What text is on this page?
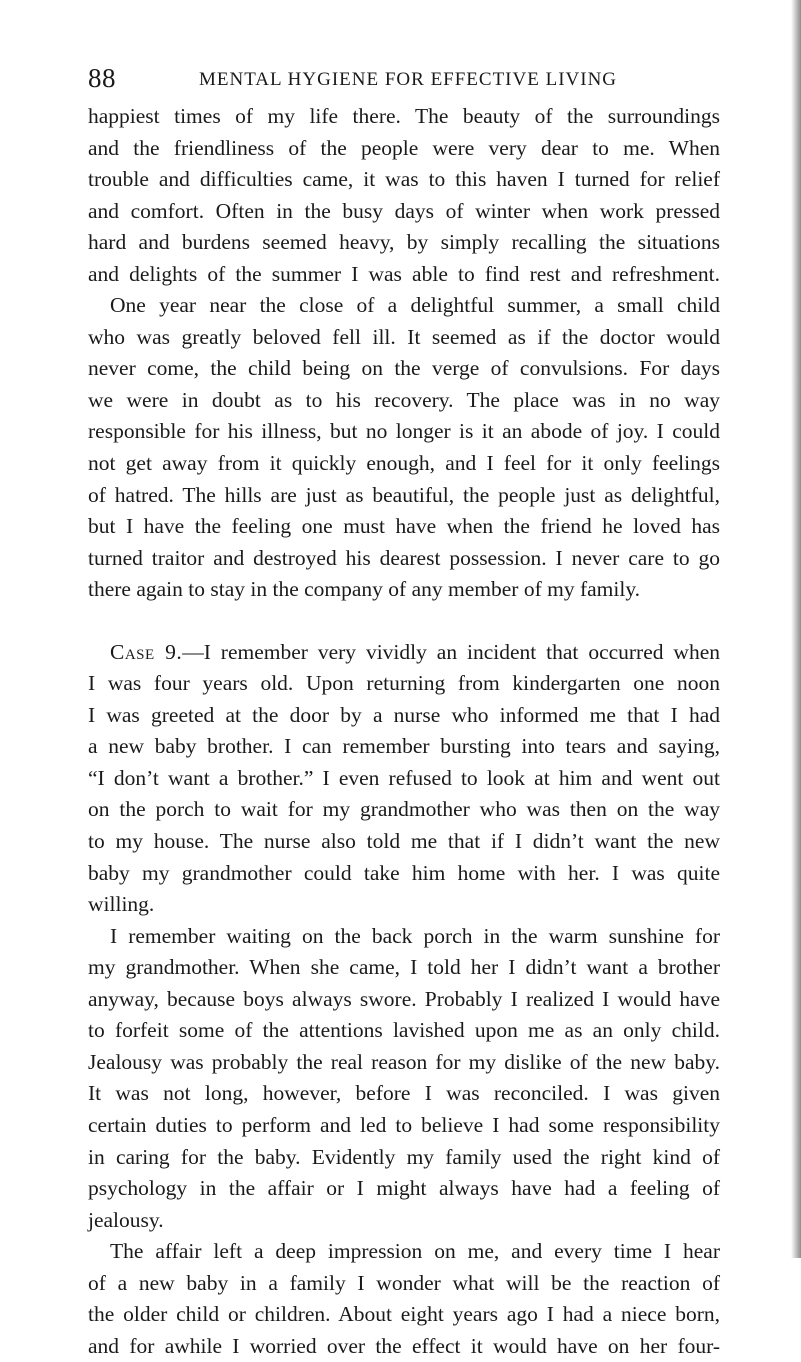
88	MENTAL HYGIENE FOR EFFECTIVE LIVING
happiest times of my life there. The beauty of the surroundings
and the friendliness of the people were very dear to me. When
trouble and difficulties came, it was to this haven I turned for relief
and comfort. Often in the busy days of winter when work pressed
hard and burdens seemed heavy, by simply recalling the situations
and delights of the summer I was able to find rest and refreshment.
One year near the close of a delightful summer, a small child
who was greatly beloved fell ill. It seemed as if the doctor would
never come, the child being on the verge of convulsions. For days
we were in doubt as to his recovery. The place was in no way
responsible for his illness, but no longer is it an abode of joy. I could
not get away from it quickly enough, and I feel for it only feelings
of hatred. The hills are just as beautiful, the people just as delightful,
but I have the feeling one must have when the friend he loved has
turned traitor and destroyed his dearest possession. I never care to go
there again to stay in the company of any member of my family.
Case 9.—I remember very vividly an incident that occurred when
I was four years old. Upon returning from kindergarten one noon
I was greeted at the door by a nurse who informed me that I had
a new baby brother. I can remember bursting into tears and saying,
“I don’t want a brother.” I even refused to look at him and went out
on the porch to wait for my grandmother who was then on the way
to my house. The nurse also told me that if I didn’t want the new
baby my grandmother could take him home with her. I was quite
willing.
I remember waiting on the back porch in the warm sunshine for
my grandmother. When she came, I told her I didn’t want a brother
anyway, because boys always swore. Probably I realized I would have
to forfeit some of the attentions lavished upon me as an only child.
Jealousy was probably the real reason for my dislike of the new baby.
It was not long, however, before I was reconciled. I was given
certain duties to perform and led to believe I had some responsibility
in caring for the baby. Evidently my family used the right kind of
psychology in the affair or I might always have had a feeling of
jealousy.
The affair left a deep impression on me, and every time I hear
of a new baby in a family I wonder what will be the reaction of
the older child or children. About eight years ago I had a niece born,
and for awhile I worried over the effect it would have on her four-
